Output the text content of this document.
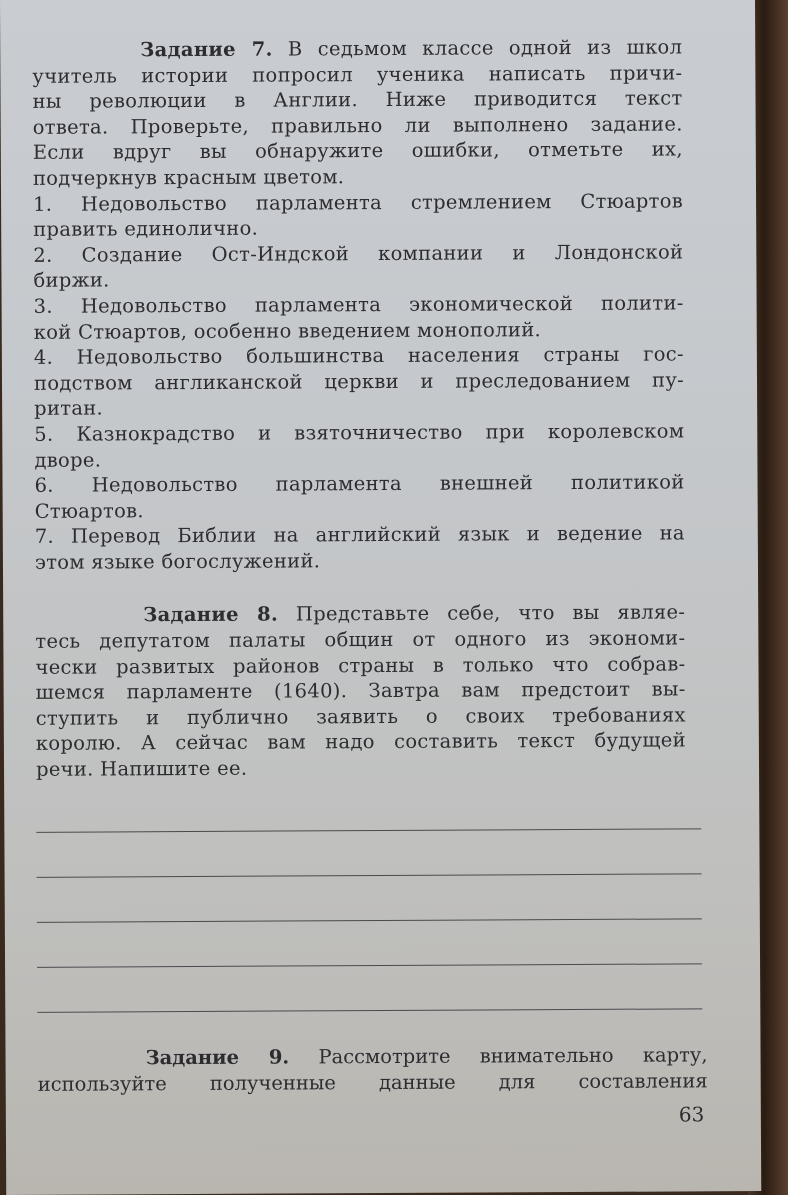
Задание 7. В седьмом классе одной из школ
учитель истории попросил ученика написать причи-
ны революции в Англии. Ниже приводится текст
ответа. Проверьте, правильно ли выполнено задание.
Если вдруг вы обнаружите ошибки, отметьте их,
подчеркнув красным цветом.
1. Недовольство парламента стремлением Стюартов
править единолично.
2. Создание Ост-Индской компании и Лондонской
биржи.
3. Недовольство парламента экономической полити-
кой Стюартов, особенно введением монополий.
4. Недовольство большинства населения страны гос-
подством англиканской церкви и преследованием пу-
ритан.
5. Казнокрадство и взяточничество при королевском
дворе.
6. Недовольство парламента внешней политикой
Стюартов.
7. Перевод Библии на английский язык и ведение на
этом языке богослужений.
Задание 8. Представьте себе, что вы являе-
тесь депутатом палаты общин от одного из экономи-
чески развитых районов страны в только что собрав-
шемся парламенте (1640). Завтра вам предстоит вы-
ступить и публично заявить о своих требованиях
королю. А сейчас вам надо составить текст будущей
речи. Напишите ее.
63
Задание 9. Рассмотрите внимательно карту,
используйте полученные данные для составления
